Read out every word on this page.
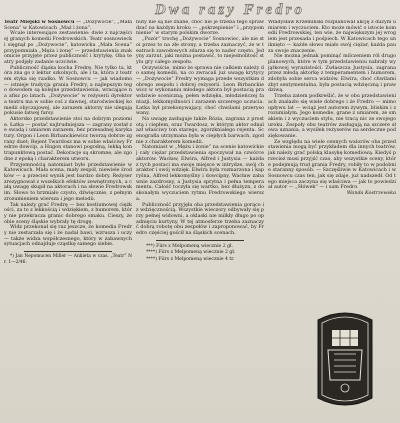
Dwa razy Fredro

Teatr Miejski w Sosnowcu — „Dożywocie”, „Mała Scena” w Katowicach „Maż i żona”.

Wcale interesujące zestawienie: dwie z najczęściej granych komedii Fredrowskich. Teatr sosnowiecki sięgnął po „Dożywocie”, katowicka „Mała Scena” przypomniała „Męża i żonę” — przedstawienia znakomicie przyjęte przez publiczność i krytykę. Oba teatry podjęły zadanie uczciwie.

Publiczność śląska kocha Fredrę. Nie tylko ta, która zna go z lektur szkolnych, ale i ta, która z teatrem styka się rzadko. W Sosnowcu — jak wiadomo — istnieje tradycja grania Fredry, a najlepszym tego dowodem są kolejne przedstawienia, wracające na afisz po latach. „Dożywocie” w reżyserii dyrektora teatru ma w sobie coś z dawnej, staroświeckiej komedii obyczajowej, ale zarazem aktorzy nie ulegają pokusie łatwej farsy.

Aktorsko przedstawienie stoi na dobrym poziomie. Łatka — postać najtrudniejsza — zagrany został ze swadą i umiarem zarazem, bez przesadnej karykatury. Orgon i Leon Birbanckiewicz tworzą dobrze zgrany duet; Rejent Twardosz ma w sobie właściwy Fredrze dowcip, a Hugon stanowi pogodną, lekką kontrapunktową postać. Dekoracje są skromne, ale zgodne z epoką i charakterem utworu.

Przyjemnością natomiast było przedstawienie w Katowicach. Mała scena, mały zespół, niewiele środków — a przecież wynik jest bardzo dobry. Reżyser zrezygnował z wszelkich efektów zewnętrznych, a całą uwagę skupił na aktorach i na słowie Fredrowskim. Słowo to brzmiało czysto, dźwięcznie, z pełnym zrozumieniem wiersza i jego melodii.

Tak należy grać Fredrę — bez kostiumowej ciężkości, za to z lekkością i wdziękiem, z humorem, który nie przekracza granic dobrego smaku. Cieszy, że obie sceny śląskie wybrały tę drogę.

Widz przekonał się raz jeszcze, że komedia Fredry nie zestarzała się i że nadal bawi, wzrusza i uczy — także widza współczesnego, który w zabawnych sytuacjach odnajduje cząstkę samego siebie.

*) Jan Nepomucen Miller — Ankieta w czas. „Teatr” Nr. 1—2/46.

nuty nie są nie znane, choć nie je trzeba tego sprawdzać na każdym kroku — „pokrzepienie” i „przypomnienie” w starym polskim dworze.

„Pozór” trochę „Dożywocie” Sosnowiec, ale nie stoi przez to na złe strony, a trzeba zaznaczyć, że w teatrach zawodowych zdarza się to nader często. Jedyny zarzut, jaki można postawić, to niejednolitość stylu gry całego zespołu.

Oczywiście, mimo że sprawa nie całkiem należy do samej komedii, na co zwracali już uwagę krytycy — „Dożywocie” Fredry wymaga przede wszystkim dobrego zespołu i dobrej reżyserii. Leon Birbanckiewicz w wykonaniu młodego aktora był postacią prawdziwie sceniczną; pełen wdzięku, młodzieńczej fantazji, lekkomyślności i zarazem szczerego uczucia. Łatka był przekonywający, choć chwilami przerysowany.

Na uwagę zasługuje także Rózia, zagrana z prostotą i ciepłem, oraz Twardosz, w którym aktor odnalazł właściwy ton starego, zgorzkniałego rejenta. Scenografia utrzymana była w ciepłych barwach, zgodnie z charakterem komedii.

Natomiast w „Mężu i żonie” na scenie katowickiej cały ciężar przedstawienia spoczywał na czwórce aktorów. Wacław, Elwira, Alfred i Justysia — każda z tych postaci ma swoje miejsce w intrydze, swój charakter i swój wdzięk. Elwira była rozmarzona i kapryśna, Alfred lekkomyślny i dowcipny, Wacław zabawnie zazdrosny, a Justysia sprytna i pełna temperamentu. Całość toczyła się wartko, bez dłużyzn, z doskonałym wyczuciem rytmu Fredrowskiego wiersza.

Publiczność przyjęła oba przedstawienia gorąco i z wdzięcznością. Wszystkie wieczory odbywały się przy pełnej widowni, a oklaski nie milkły długo po opadnięciu kurtyny. W tej atmosferze trzeba zaznaczyć dobrą robotę obu zespołów i zaproponować, by Fredro częściej gościł na śląskich scenach.

***) Fiirs z Melpomeną wiecznie 2 gł.
****) Fiirs z Melpomeną wiecznie 2 gł.
****) Fiirs z Melpomeną wiecznie 4 tr.

Władysław Krzemiński rozplanował akcję z dużym umiarem i wyczuciem. Kto może mówić o istocie komedii Fredrowskiej, ten wie, że największym jej wrogiem jest przesada i pośpiech. W Katowicach tego uniknięto — każde słowo miało swój ciężar, każda pauza swoje znaczenie.

Nie można jednak pominąć milczeniem ról drugoplanowych, które w tym przedstawieniu nabrały wyjątkowej wyrazistości. Zwłaszcza Justysia, zagrana przez młodą aktorkę z temperamentem i humorem, zdobyła sobie serca widzów. Elwira, choć chwilami zbyt sentymentalna, była postacią wdzięczną i prawdziwą.

Trzeba zatem podkreślić, że w obu przedstawieniach znalazło się wiele dobrego i że Fredro — mimo upływu lat — wciąż jest autorem żywym, bliskim i zrozumiałym. Jego komedie, grane z umiarem, ze smakiem i z wyczuciem stylu, nie tracą nic ze swojego uroku. Zespoły obu teatrów zasługują na szczere słowa uznania, a wysiłek reżyserów na serdeczne podziękowanie.

Ze względu na wiele cennych walorów oba przedstawienia mogą być przykładem dla innych teatrów, jak należy grać polską klasykę komediową. Kiedyś przecież musi przyjść czas, aby wszystkie sceny, które podejmują trud grania Fredry, robiły to w podobnie staranny sposób. — Szczęśliwie w Katowicach i w Sosnowcu czas ten, jak się zdaje, już nadszedł. Od tego miejsca zaczyna się właściwa — jak to powiedział autor — „Słówek” — i sam Fredro.

Wanda Kostrzewska
